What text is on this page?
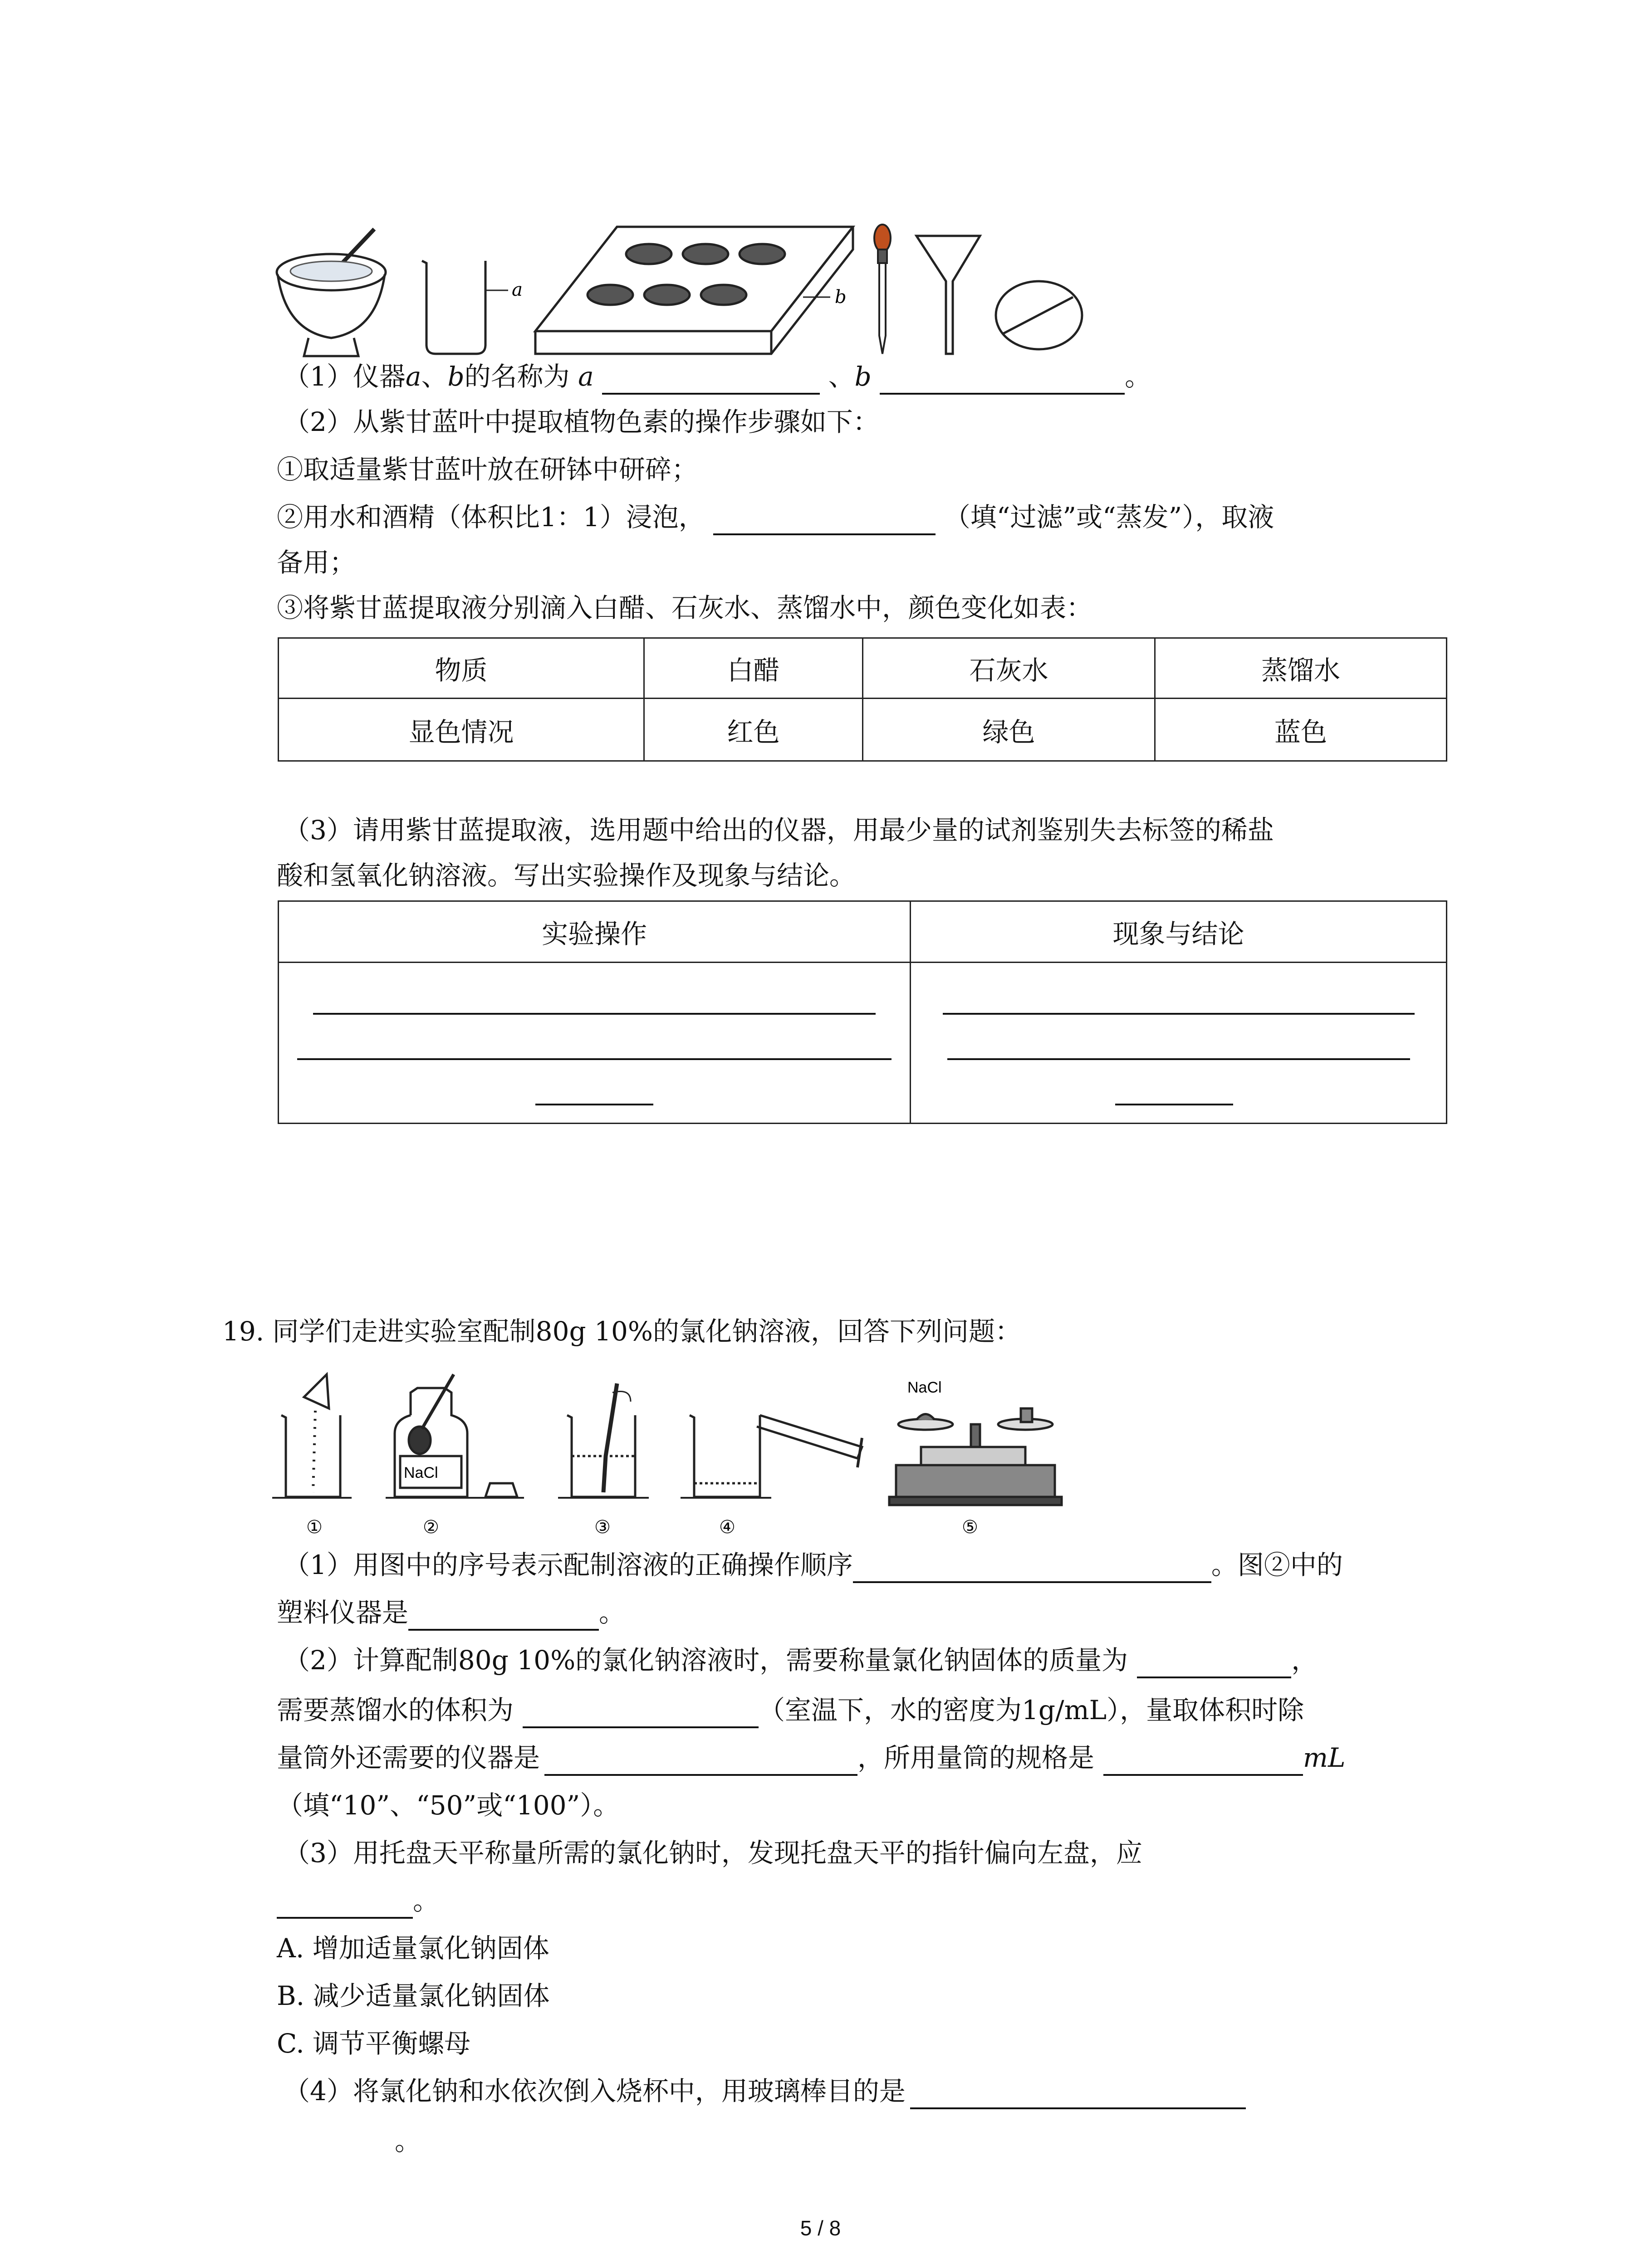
a	b
（1）仪器a、b的名称为 a	、b	。
（2）从紫甘蓝叶中提取植物色素的操作步骤如下：
①取适量紫甘蓝叶放在研钵中研碎；
②用水和酒精（体积比1：1）浸泡，	（填“过滤”或“蒸发”），取液
备用；
③将紫甘蓝提取液分别滴入白醋、石灰水、蒸馏水中，颜色变化如表：
物质	白醋	石灰水	蒸馏水
显色情况	红色	绿色	蓝色
（3）请用紫甘蓝提取液，选用题中给出的仪器，用最少量的试剂鉴别失去标签的稀盐
酸和氢氧化钠溶液。写出实验操作及现象与结论。
实验操作	现象与结论

19. 同学们走进实验室配制80g 10%的氯化钠溶液，回答下列问题：
①
NaCl
②	③	④
NaCl
⑤
（1）用图中的序号表示配制溶液的正确操作顺序	。图②中的
塑料仪器是	。
（2）计算配制80g 10%的氯化钠溶液时，需要称量氯化钠固体的质量为	，
需要蒸馏水的体积为	（室温下，水的密度为1g/mL），量取体积时除
量筒外还需要的仪器是	，所用量筒的规格是	mL
（填“10”、“50”或“100”）。
（3）用托盘天平称量所需的氯化钠时，发现托盘天平的指针偏向左盘，应
。
A. 增加适量氯化钠固体
B. 减少适量氯化钠固体
C. 调节平衡螺母
（4）将氯化钠和水依次倒入烧杯中，用玻璃棒目的是
。
5 / 8
